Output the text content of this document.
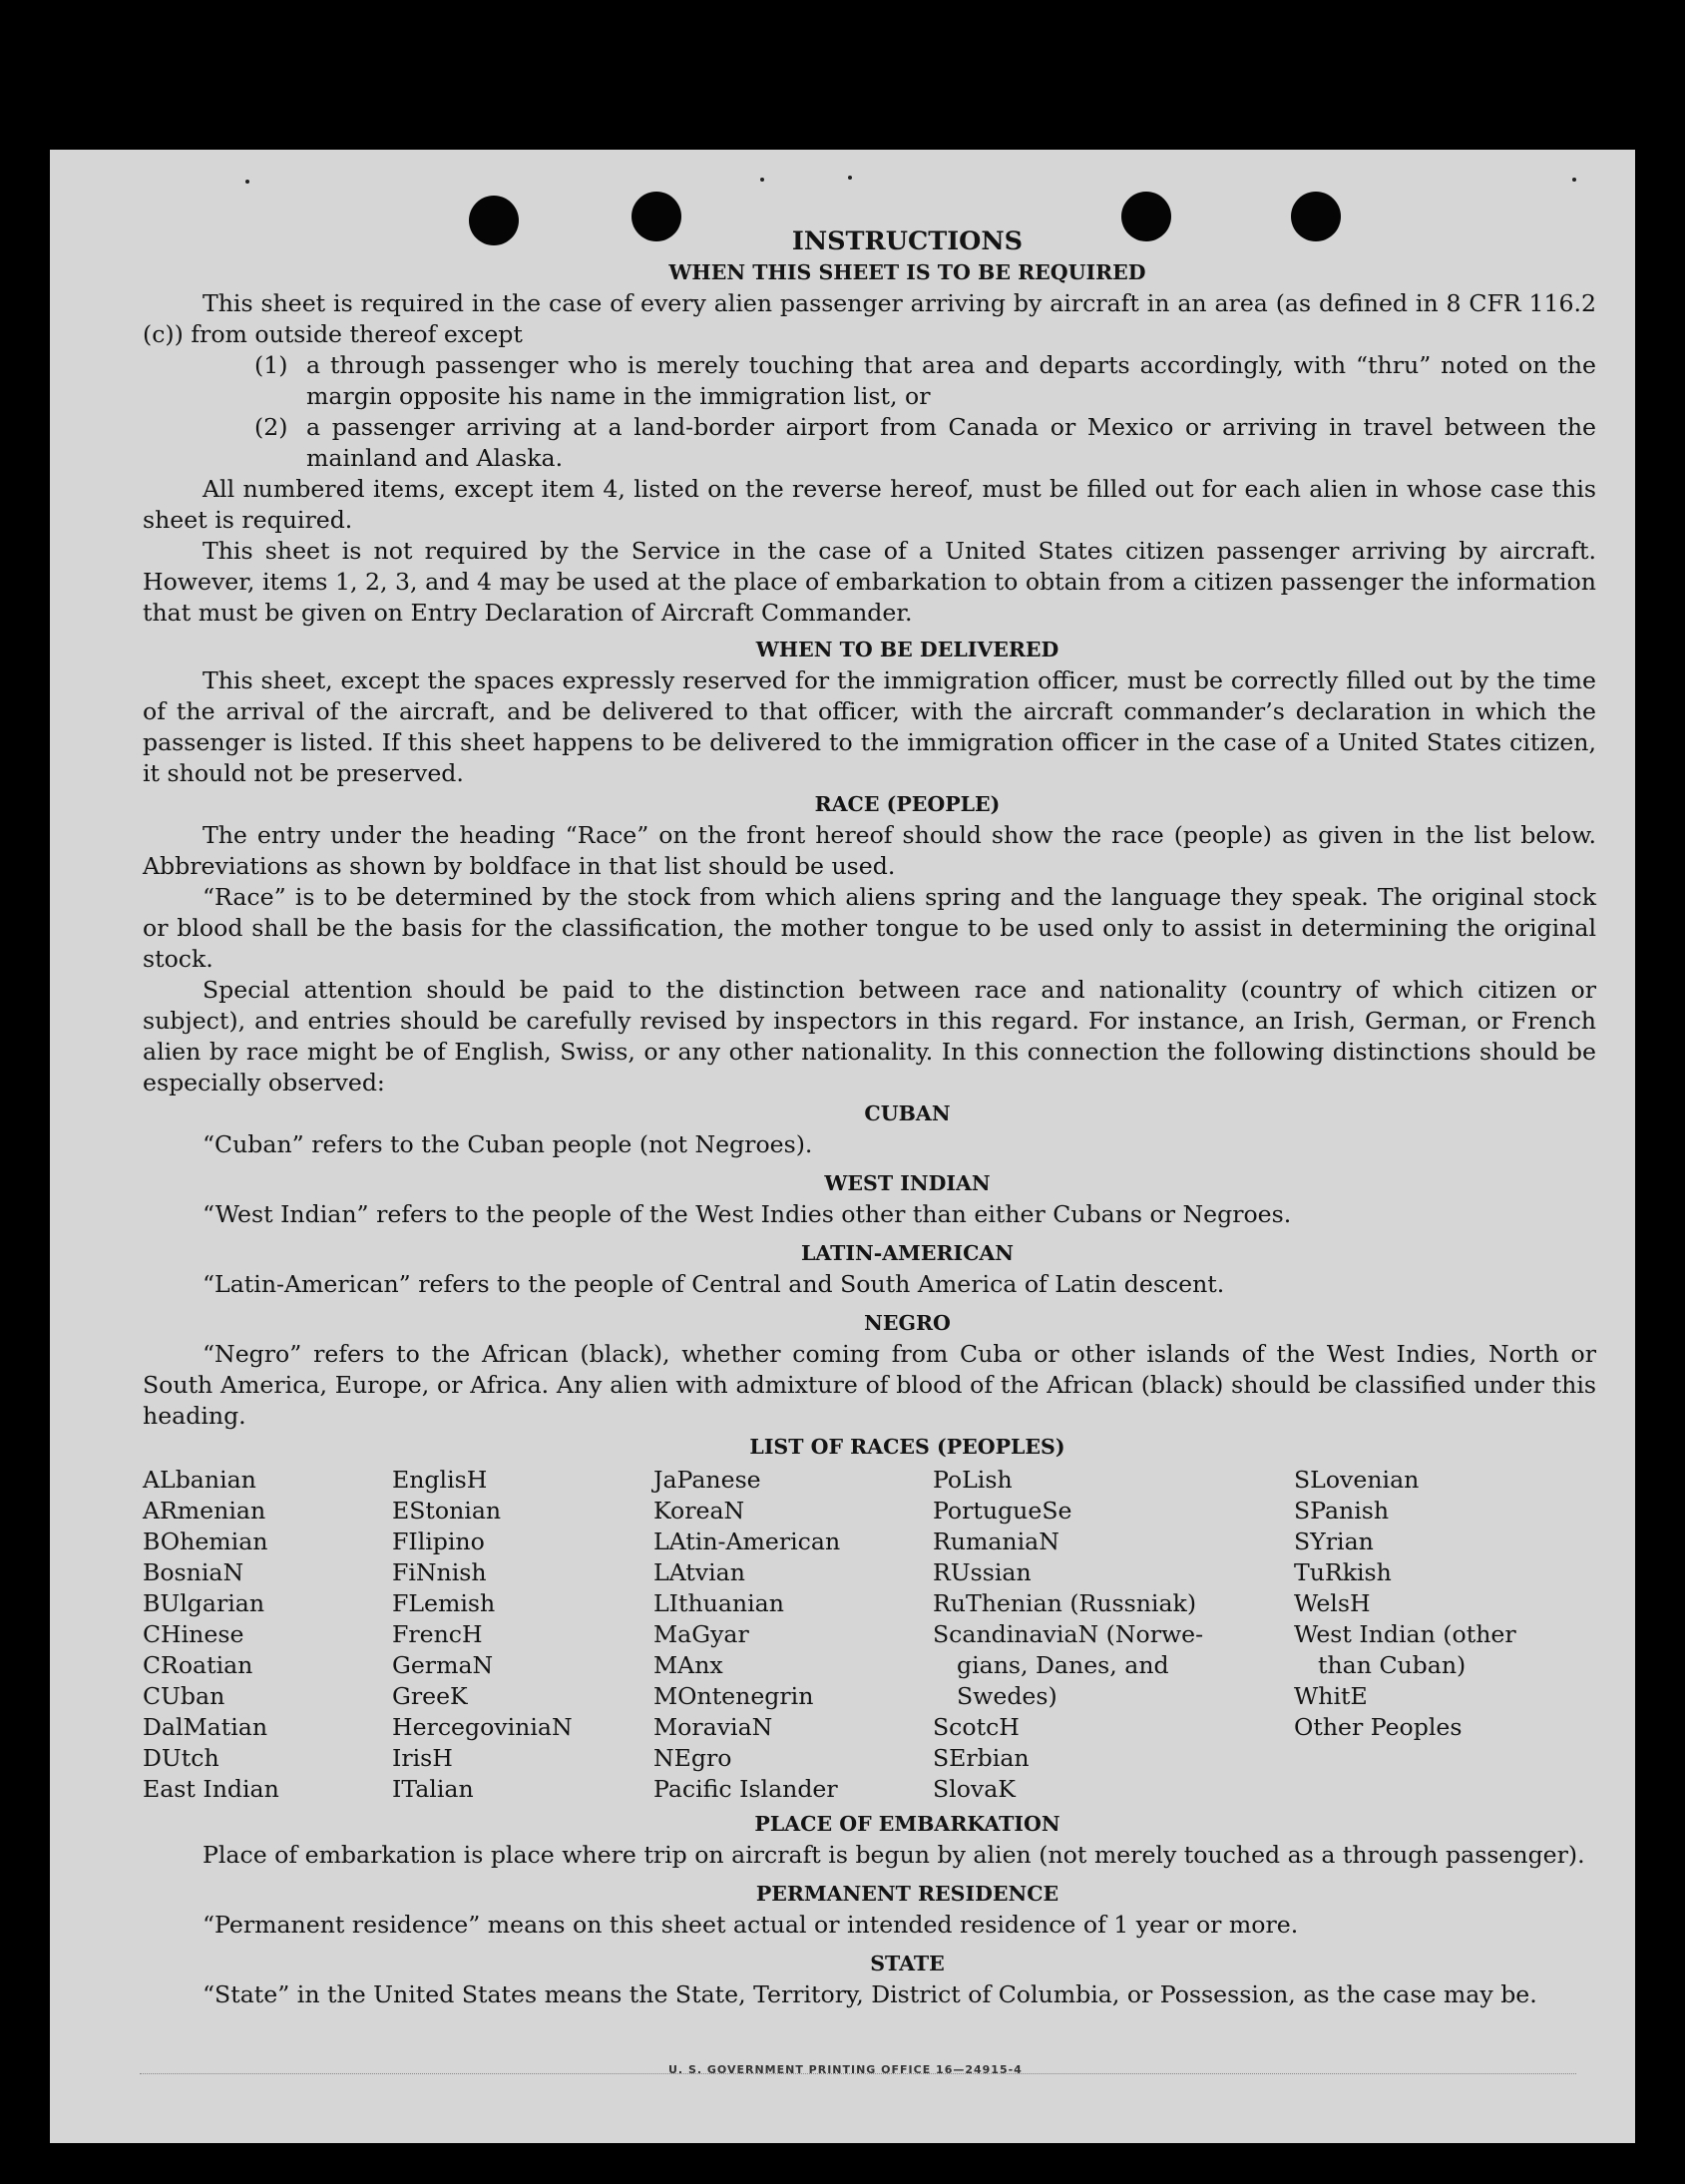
INSTRUCTIONS

WHEN THIS SHEET IS TO BE REQUIRED

This sheet is required in the case of every alien passenger arriving by aircraft in an area (as defined in 8 CFR 116.2 (c)) from outside thereof except

(1) a through passenger who is merely touching that area and departs accordingly, with “thru” noted on the margin opposite his name in the immigration list, or
(2) a passenger arriving at a land-border airport from Canada or Mexico or arriving in travel between the mainland and Alaska.

All numbered items, except item 4, listed on the reverse hereof, must be filled out for each alien in whose case this sheet is required.

This sheet is not required by the Service in the case of a United States citizen passenger arriving by aircraft. However, items 1, 2, 3, and 4 may be used at the place of embarkation to obtain from a citizen passenger the information that must be given on Entry Declaration of Aircraft Commander.

WHEN TO BE DELIVERED

This sheet, except the spaces expressly reserved for the immigration officer, must be correctly filled out by the time of the arrival of the aircraft, and be delivered to that officer, with the aircraft commander’s declaration in which the passenger is listed. If this sheet happens to be delivered to the immigration officer in the case of a United States citizen, it should not be preserved.

RACE (PEOPLE)

The entry under the heading “Race” on the front hereof should show the race (people) as given in the list below. Abbreviations as shown by boldface in that list should be used.

“Race” is to be determined by the stock from which aliens spring and the language they speak. The original stock or blood shall be the basis for the classification, the mother tongue to be used only to assist in determining the original stock.

Special attention should be paid to the distinction between race and nationality (country of which citizen or subject), and entries should be carefully revised by inspectors in this regard. For instance, an Irish, German, or French alien by race might be of English, Swiss, or any other nationality. In this connection the following distinctions should be especially observed:

CUBAN

“Cuban” refers to the Cuban people (not Negroes).

WEST INDIAN

“West Indian” refers to the people of the West Indies other than either Cubans or Negroes.

LATIN-AMERICAN

“Latin-American” refers to the people of Central and South America of Latin descent.

NEGRO

“Negro” refers to the African (black), whether coming from Cuba or other islands of the West Indies, North or South America, Europe, or Africa. Any alien with admixture of blood of the African (black) should be classified under this heading.

LIST OF RACES (PEOPLES)

ALbanian
ARmenian
BOhemian
BosniaN
BUlgarian
CHinese
CRoatian
CUban
DalMatian
DUtch
East Indian
EnglisH
EStonian
FIlipino
FiNnish
FLemish
FrencH
GermaN
GreeK
HercegoviniaN
IrisH
ITalian
JaPanese
KoreaN
LAtin-American
LAtvian
LIthuanian
MaGyar
MAnx
MOntenegrin
MoraviaN
NEgro
Pacific Islander
PoLish
PortugueSe
RumaniaN
RUssian
RuThenian (Russniak)
ScandinaviaN (Norwe-
gians, Danes, and
Swedes)
ScotcH
SErbian
SlovaK
SLovenian
SPanish
SYrian
TuRkish
WelsH
West Indian (other
than Cuban)
WhitE
Other Peoples

PLACE OF EMBARKATION

Place of embarkation is place where trip on aircraft is begun by alien (not merely touched as a through passenger).

PERMANENT RESIDENCE

“Permanent residence” means on this sheet actual or intended residence of 1 year or more.

STATE

“State” in the United States means the State, Territory, District of Columbia, or Possession, as the case may be.

U. S. GOVERNMENT PRINTING OFFICE 16—24915-4
